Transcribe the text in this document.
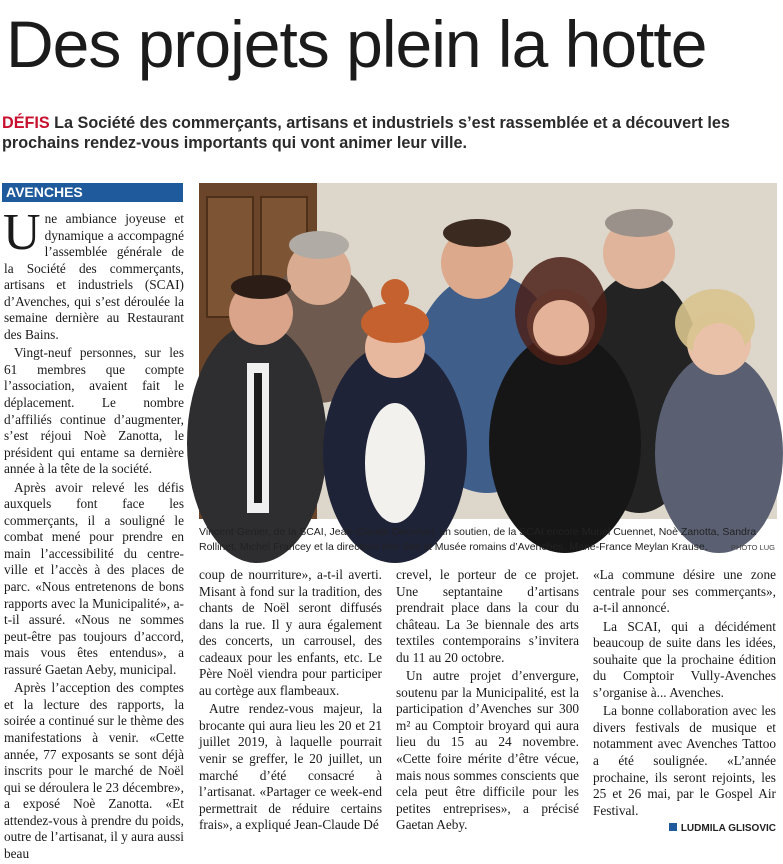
Des projets plein la hotte
DÉFIS La Société des commerçants, artisans et industriels s’est rassemblée et a découvert les prochains rendez-vous importants qui vont animer leur ville.
AVENCHES
Vincent Genier, de la SCAI, Jean-Claude Décrevel, un soutien, de la SCAI encore Muriel Cuennet, Noè Zanotta, Sandra Rollinet, Michel Francey et la directrice des Site et Musée romains d’Avenches, Marie-France Meylan Krause.	PHOTO LUG

Une ambiance joyeuse et dynamique a accompagné l’assemblée générale de la Société des commerçants, artisans et industriels (SCAI) d’Avenches, qui s’est déroulée la semaine dernière au Restaurant des Bains.

Vingt-neuf personnes, sur les 61 membres que compte l’association, avaient fait le déplacement. Le nombre d’affiliés continue d’augmenter, s’est réjoui Noè Zanotta, le président qui entame sa dernière année à la tête de la société.

Après avoir relevé les défis auxquels font face les commerçants, il a souligné le combat mené pour prendre en main l’accessibilité du centre-ville et l’accès à des places de parc. «Nous entretenons de bons rapports avec la Municipalité», a-t-il assuré. «Nous ne sommes peut-être pas toujours d’accord, mais vous êtes entendus», a rassuré Gaetan Aeby, municipal.

Après l’acception des comptes et la lecture des rapports, la soirée a continué sur le thème des manifestations à venir. «Cette année, 77 exposants se sont déjà inscrits pour le marché de Noël qui se déroulera le 23 décembre», a exposé Noè Zanotta. «Et attendez-vous à prendre du poids, outre de l’artisanat, il y aura aussi beau

coup de nourriture», a-t-il averti. Misant à fond sur la tradition, des chants de Noël seront diffusés dans la rue. Il y aura également des concerts, un carrousel, des cadeaux pour les enfants, etc. Le Père Noël viendra pour participer au cortège aux flambeaux.

Autre rendez-vous majeur, la brocante qui aura lieu les 20 et 21 juillet 2019, à laquelle pourrait venir se greffer, le 20 juillet, un marché d’été consacré à l’artisanat. «Partager ce week-end permettrait de réduire certains frais», a expliqué Jean-Claude Dé

crevel, le porteur de ce projet. Une septantaine d’artisans prendrait place dans la cour du château. La 3e biennale des arts textiles contemporains s’invitera du 11 au 20 octobre.

Un autre projet d’envergure, soutenu par la Municipalité, est la participation d’Avenches sur 300 m² au Comptoir broyard qui aura lieu du 15 au 24 novembre. «Cette foire mérite d’être vécue, mais nous sommes conscients que cela peut être difficile pour les petites entreprises», a précisé Gaetan Aeby.

«La commune désire une zone centrale pour ses commerçants», a-t-il annoncé.

La SCAI, qui a décidément beaucoup de suite dans les idées, souhaite que la prochaine édition du Comptoir Vully-Avenches s’organise à... Avenches.

La bonne collaboration avec les divers festivals de musique et notamment avec Avenches Tattoo a été soulignée. «L’année prochaine, ils seront rejoints, les 25 et 26 mai, par le Gospel Air Festival.

LUDMILA GLISOVIC
